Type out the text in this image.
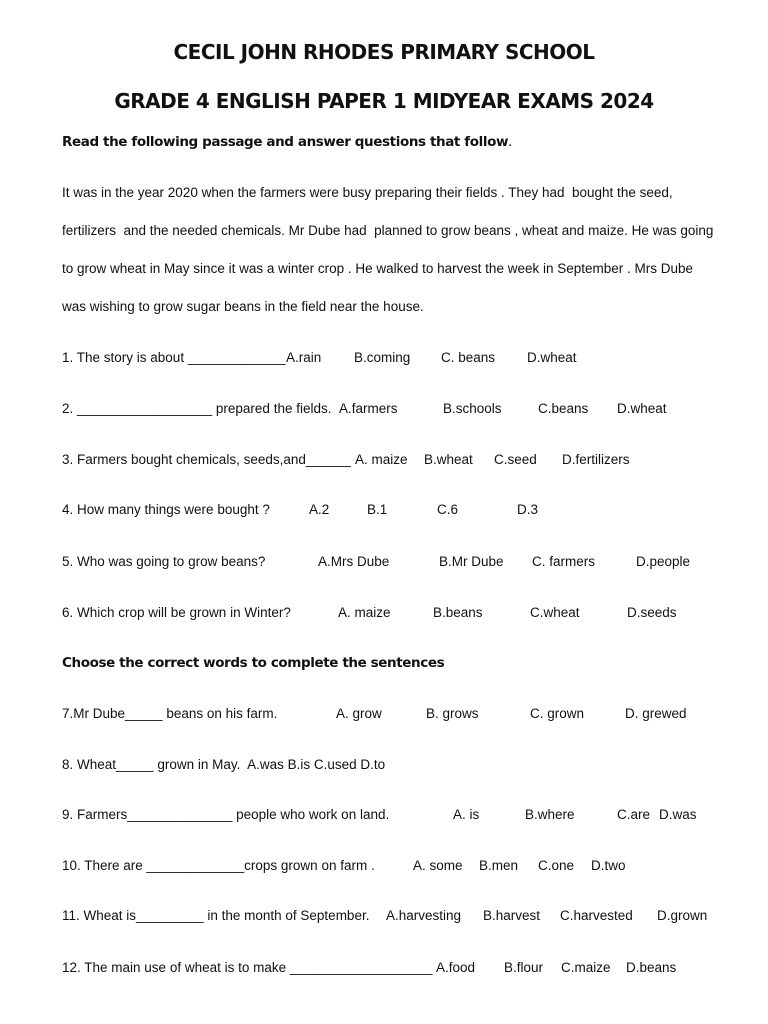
CECIL JOHN RHODES PRIMARY SCHOOL
GRADE 4 ENGLISH PAPER 1 MIDYEAR EXAMS 2024
Read the following passage and answer questions that follow.
It was in the year 2020 when the farmers were busy preparing their fields . They had  bought the seed,
fertilizers  and the needed chemicals. Mr Dube had  planned to grow beans , wheat and maize. He was going
to grow wheat in May since it was a winter crop . He walked to harvest the week in September . Mrs Dube
was wishing to grow sugar beans in the field near the house.
1. The story is about _____________ A.rain B.coming C. beans D.wheat
2. __________________ prepared the fields. A.farmers	B.schools	C.beans D.wheat
3. Farmers bought chemicals, seeds,and______ A. maize B.wheat C.seed D.fertilizers
4. How many things were bought ?	A.2	B.1	C.6	D.3
5. Who was going to grow beans?	A.Mrs Dube	B.Mr Dube C. farmers	D.people
6. Which crop will be grown in Winter?	A. maize	B.beans	C.wheat	D.seeds
Choose the correct words to complete the sentences
7.Mr Dube_____ beans on his farm.	A. grow	B. grows	C. grown	D. grewed
8. Wheat_____ grown in May.  A.was B.is C.used D.to
9. Farmers______________ people who work on land.	A. is	B.where	C.are D.was
10. There are _____________crops grown on farm .	A. some B.men C.one D.two
11. Wheat is_________ in the month of September. A.harvesting B.harvest C.harvested D.grown
12. The main use of wheat is to make ___________________ A.food B.flour C.maize D.beans
